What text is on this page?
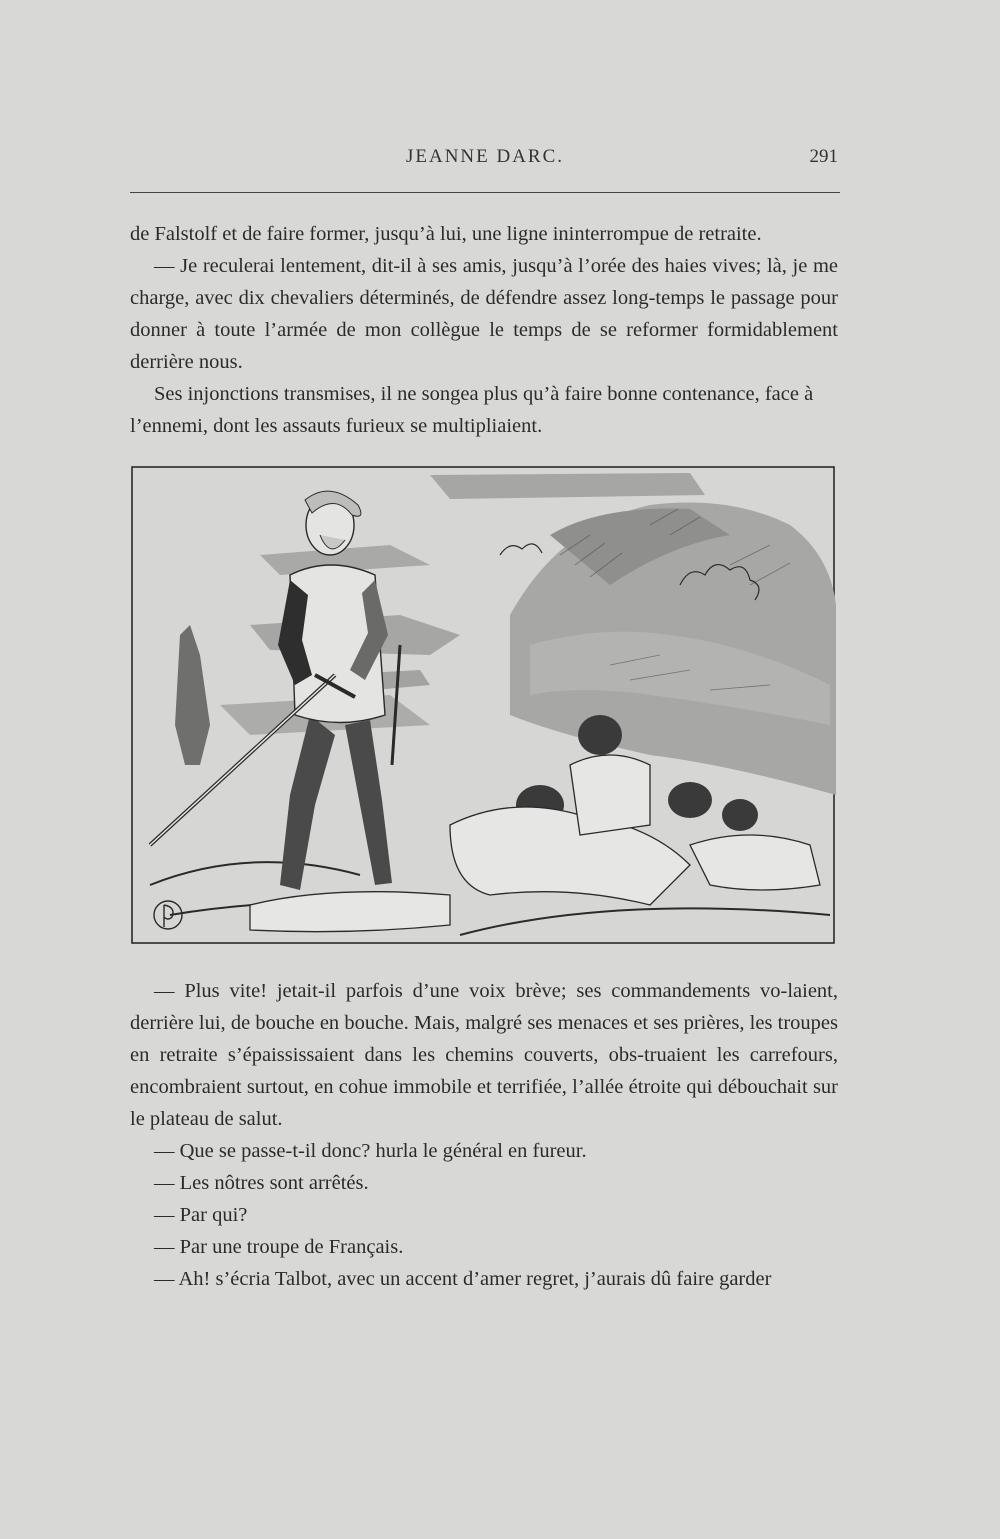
JEANNE DARC.	291

de Falstolf et de faire former, jusqu’à lui, une ligne ininterrompue de retraite.

— Je reculerai lentement, dit-il à ses amis, jusqu’à l’orée des haies vives; là, je me charge, avec dix chevaliers déterminés, de défendre assez long-temps le passage pour donner à toute l’armée de mon collègue le temps de se reformer formidablement derrière nous.

Ses injonctions transmises, il ne songea plus qu’à faire bonne contenance, face à l’ennemi, dont les assauts furieux se multipliaient.

— Plus vite! jetait-il parfois d’une voix brève; ses commandements vo-laient, derrière lui, de bouche en bouche. Mais, malgré ses menaces et ses prières, les troupes en retraite s’épaississaient dans les chemins couverts, obs-truaient les carrefours, encombraient surtout, en cohue immobile et terrifiée, l’allée étroite qui débouchait sur le plateau de salut.

— Que se passe-t-il donc? hurla le général en fureur.

— Les nôtres sont arrêtés.

— Par qui?

— Par une troupe de Français.

— Ah! s’écria Talbot, avec un accent d’amer regret, j’aurais dû faire garder
